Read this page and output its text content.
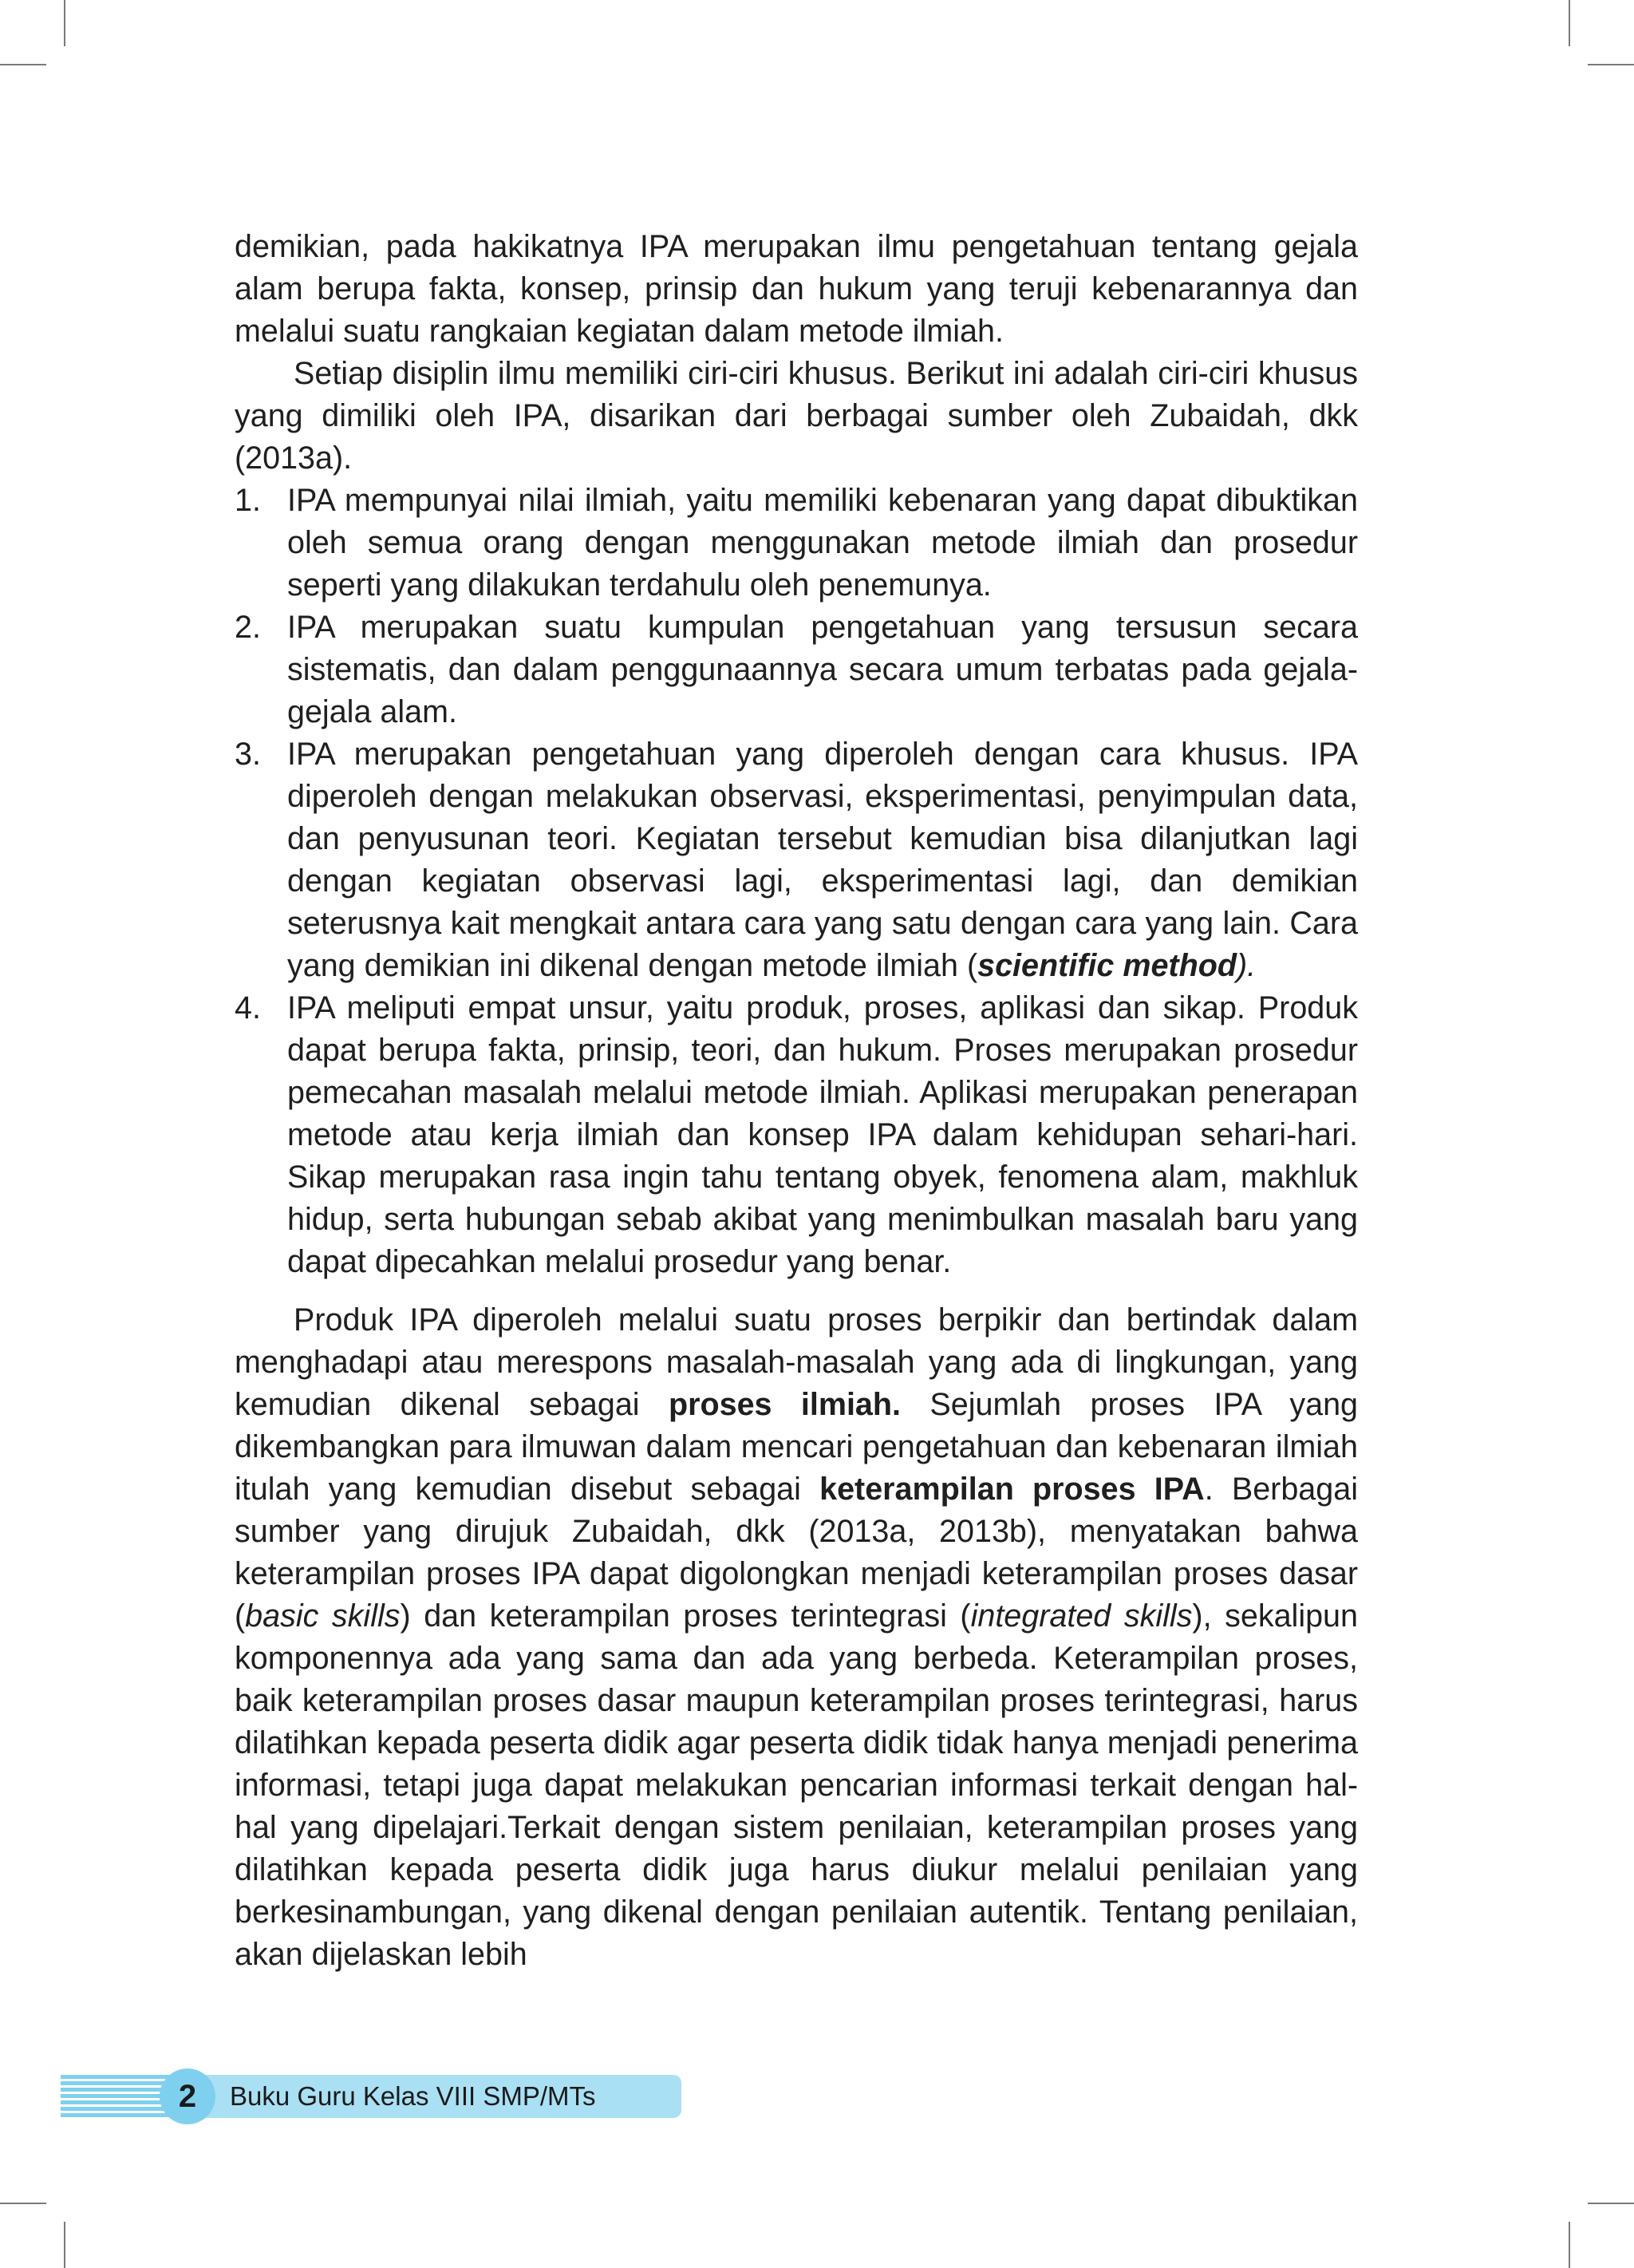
demikian, pada hakikatnya IPA merupakan ilmu pengetahuan tentang gejala alam berupa fakta, konsep, prinsip dan hukum yang teruji kebenarannya dan melalui suatu rangkaian kegiatan dalam metode ilmiah.

Setiap disiplin ilmu memiliki ciri-ciri khusus. Berikut ini adalah ciri-ciri khusus yang dimiliki oleh IPA, disarikan dari berbagai sumber oleh Zubaidah, dkk (2013a).

1. IPA mempunyai nilai ilmiah, yaitu memiliki kebenaran yang dapat dibuktikan oleh semua orang dengan menggunakan metode ilmiah dan prosedur seperti yang dilakukan terdahulu oleh penemunya.
2. IPA merupakan suatu kumpulan pengetahuan yang tersusun secara sistematis, dan dalam penggunaannya secara umum terbatas pada gejala-gejala alam.
3. IPA merupakan pengetahuan yang diperoleh dengan cara khusus. IPA diperoleh dengan melakukan observasi, eksperimentasi, penyimpulan data, dan penyusunan teori. Kegiatan tersebut kemudian bisa dilanjutkan lagi dengan kegiatan observasi lagi, eksperimentasi lagi, dan demikian seterusnya kait mengkait antara cara yang satu dengan cara yang lain. Cara yang demikian ini dikenal dengan metode ilmiah (scientific method).
4. IPA meliputi empat unsur, yaitu produk, proses, aplikasi dan sikap. Produk dapat berupa fakta, prinsip, teori, dan hukum. Proses merupakan prosedur pemecahan masalah melalui metode ilmiah. Aplikasi merupakan penerapan metode atau kerja ilmiah dan konsep IPA dalam kehidupan sehari-hari. Sikap merupakan rasa ingin tahu tentang obyek, fenomena alam, makhluk hidup, serta hubungan sebab akibat yang menimbulkan masalah baru yang dapat dipecahkan melalui prosedur yang benar.

Produk IPA diperoleh melalui suatu proses berpikir dan bertindak dalam menghadapi atau merespons masalah-masalah yang ada di lingkungan, yang kemudian dikenal sebagai proses ilmiah. Sejumlah proses IPA yang dikembangkan para ilmuwan dalam mencari pengetahuan dan kebenaran ilmiah itulah yang kemudian disebut sebagai keterampilan proses IPA. Berbagai sumber yang dirujuk Zubaidah, dkk (2013a, 2013b), menyatakan bahwa keterampilan proses IPA dapat digolongkan menjadi keterampilan proses dasar (basic skills) dan keterampilan proses terintegrasi (integrated skills), sekalipun komponennya ada yang sama dan ada yang berbeda. Keterampilan proses, baik keterampilan proses dasar maupun keterampilan proses terintegrasi, harus dilatihkan kepada peserta didik agar peserta didik tidak hanya menjadi penerima informasi, tetapi juga dapat melakukan pencarian informasi terkait dengan hal-hal yang dipelajari.Terkait dengan sistem penilaian, keterampilan proses yang dilatihkan kepada peserta didik juga harus diukur melalui penilaian yang berkesinambungan, yang dikenal dengan penilaian autentik. Tentang penilaian, akan dijelaskan lebih

2 Buku Guru Kelas VIII SMP/MTs
